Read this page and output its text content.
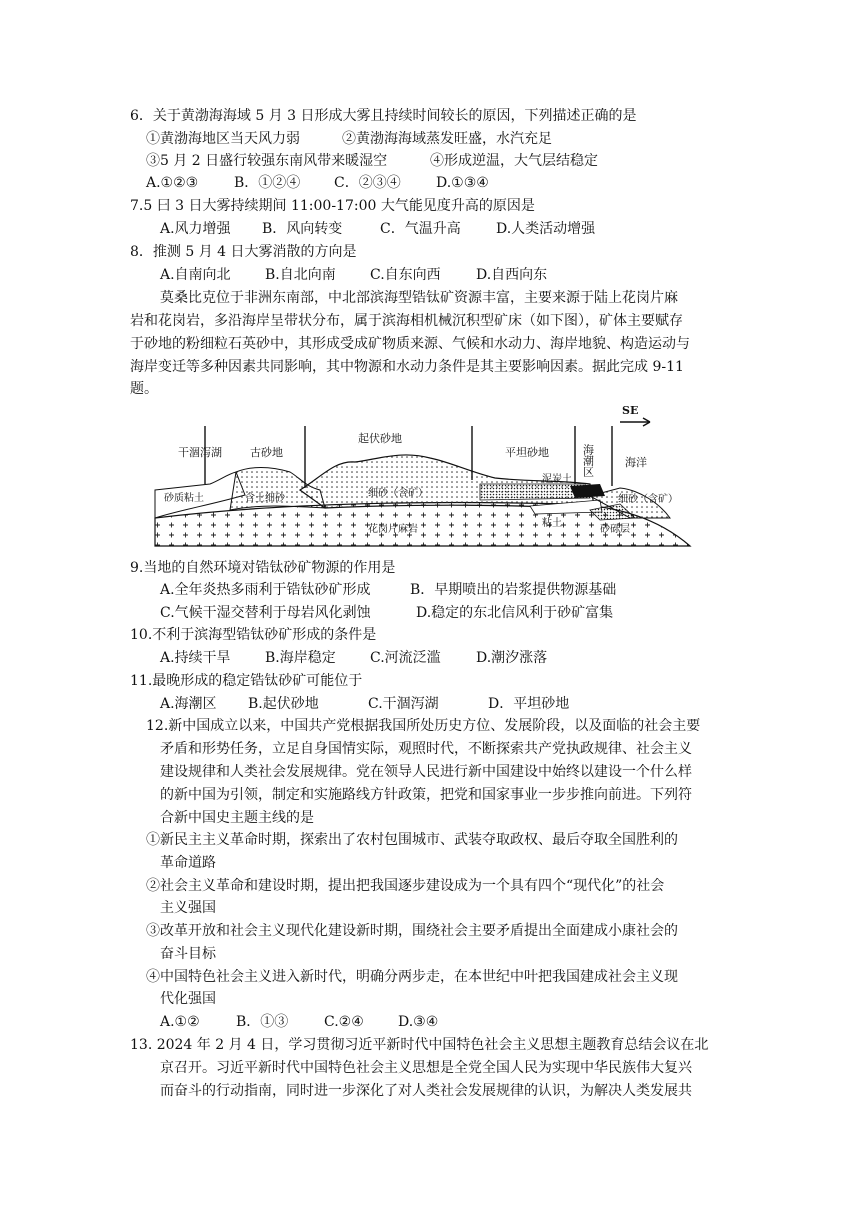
6．关于黄渤海海域 5 月 3 日形成大雾且持续时间较长的原因，下列描述正确的是
①黄渤海地区当天风力弱	②黄渤海海域蒸发旺盛，水汽充足
③5 月 2 日盛行较强东南风带来暖湿空	④形成逆温，大气层结稳定
A.①②③	B．①②④ C．②③④	D.①③④
7.5 曰 3 日大雾持续期间 11:00-17:00 大气能见度升高的原因是
A.风力增强 B．风向转变	C．气温升高	D.人类活动增强
8．推测 5 月 4 日大雾消散的方向是
A.自南向北 B.自北向南 C.自东向西	D.自西向东
莫桑比克位于非洲东南部，中北部滨海型锆钛矿资源丰富，主要来源于陆上花岗片麻
岩和花岗岩，多沿海岸呈带状分布，属于滨海相机械沉积型矿床（如下图），矿体主要赋存
于砂地的粉细粒石英砂中，其形成受成矿物质来源、气候和水动力、海岸地貌、构造运动与
海岸变迁等多种因素共同影响，其中物源和水动力条件是其主要影响因素。据此完成 9-11
题。
SE
干涸泻湖	古砂地
起伏砂地
平坦砂地	海潮区	海洋
砂质粘土	含土细砂	细砂（含矿）
泥炭土
细砂（含矿）
粘土
花岗片麻岩	砂砾层
9.当地的自然环境对锆钛砂矿物源的作用是
A.全年炎热多雨利于锆钛砂矿形成	B．早期喷出的岩浆提供物源基础
C.气候干湿交替利于母岩风化剥蚀	D.稳定的东北信风利于砂矿富集
10.不利于滨海型锆钛砂矿形成的条件是
A.持续干旱 B.海岸稳定 C.河流泛滥	D.潮汐涨落
11.最晚形成的稳定锆钛砂矿可能位于
A.海潮区 B.起伏砂地	C.干涸泻湖	D．平坦砂地
12.新中国成立以来，中国共产党根据我国所处历史方位、发展阶段，以及面临的社会主要
矛盾和形势任务，立足自身国情实际，观照时代，不断探索共产党执政规律、社会主义
建设规律和人类社会发展规律。党在领导人民进行新中国建设中始终以建设一个什么样
的新中国为引领，制定和实施路线方针政策，把党和国家事业一步步推向前进。下列符
合新中国史主题主线的是
①新民主主义革命时期，探索出了农村包围城市、武装夺取政权、最后夺取全国胜利的
革命道路
②社会主义革命和建设时期，提出把我国逐步建设成为一个具有四个“现代化”的社会
主义强国
③改革开放和社会主义现代化建设新时期，围绕社会主要矛盾提出全面建成小康社会的
奋斗目标
④中国特色社会主义进入新时代，明确分两步走，在本世纪中叶把我国建成社会主义现
代化强国
A.①②	B．①③	C.②④ D.③④
13. 2024 年 2 月 4 日，学习贯彻习近平新时代中国特色社会主义思想主题教育总结会议在北
京召开。习近平新时代中国特色社会主义思想是全党全国人民为实现中华民族伟大复兴
而奋斗的行动指南，同时进一步深化了对人类社会发展规律的认识，为解决人类发展共
